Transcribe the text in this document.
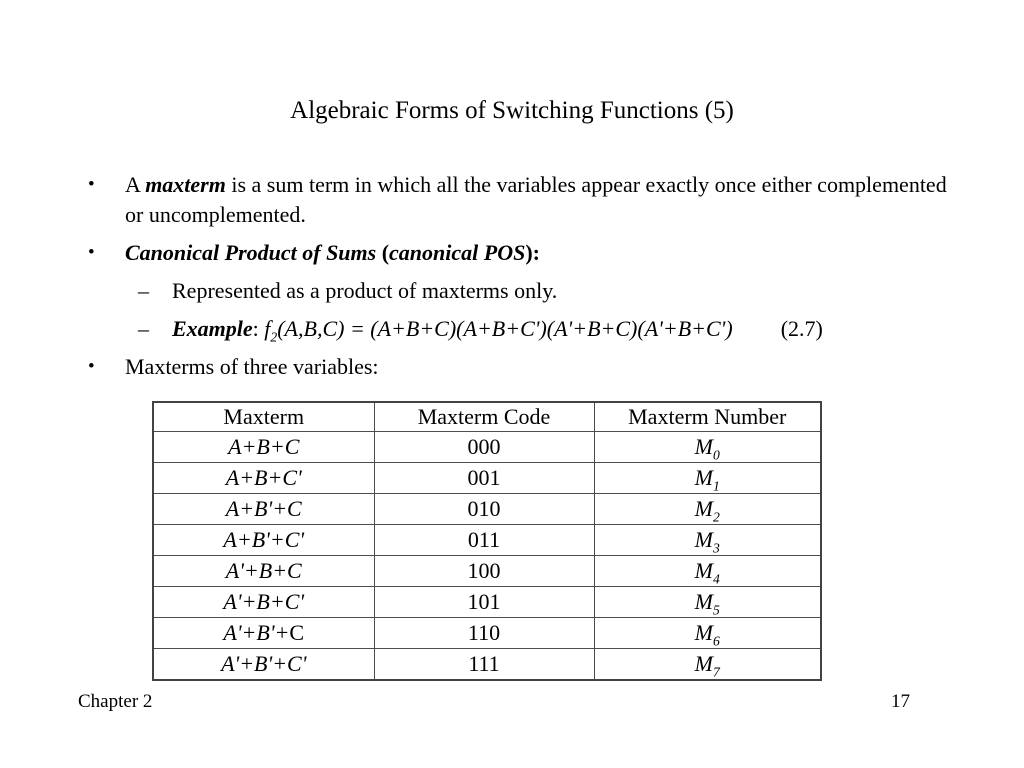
Algebraic Forms of Switching Functions (5)
• A maxterm is a sum term in which all the variables appear exactly once either complemented or uncomplemented.
• Canonical Product of Sums (canonical POS):
– Represented as a product of maxterms only.
– Example: $f_2(A,B,C) = (A+B+C)(A+B+C')(A'+B+C)(A'+B+C')$ (2.7)
• Maxterms of three variables:
Maxterm	Maxterm Code	Maxterm Number
A+B+C	000	$M_0$
A+B+C'	001	$M_1$
A+B'+C	010	$M_2$
A+B'+C'	011	$M_3$
A'+B+C	100	$M_4$
A'+B+C'	101	$M_5$
A'+B'+C	110	$M_6$
A'+B'+C'	111	$M_7$
Chapter 2	17
